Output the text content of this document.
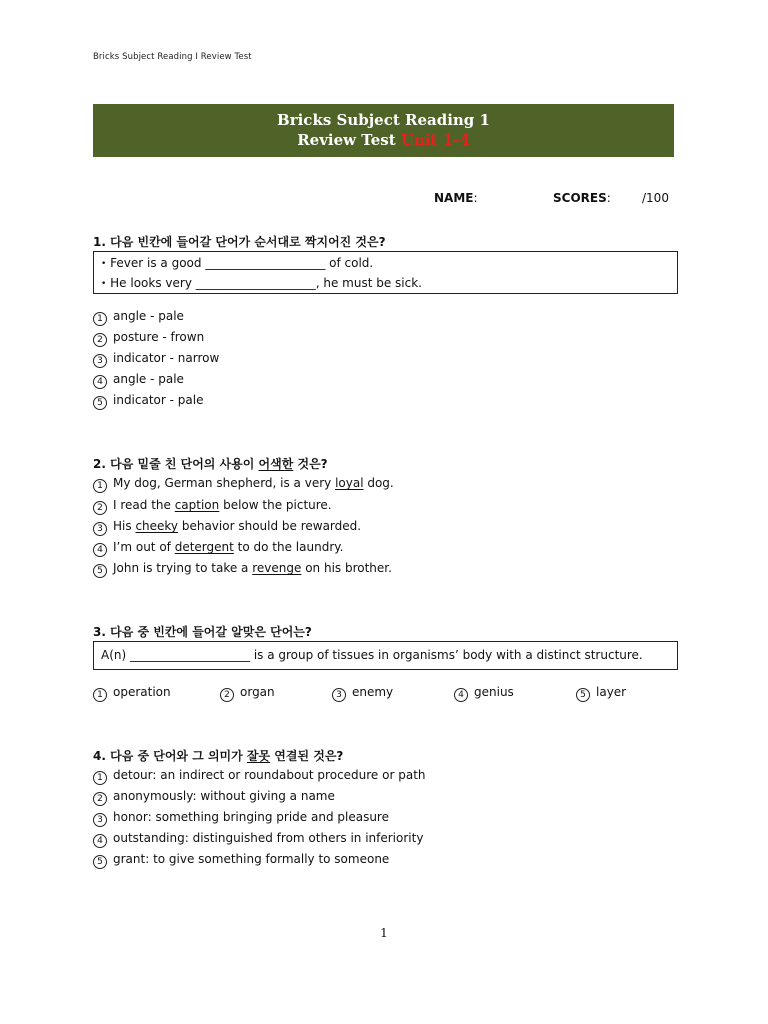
Bricks Subject Reading I Review Test
Bricks Subject Reading 1
Review Test Unit 1-4
NAME:	SCORES:	/100
1. 다음 빈칸에 들어갈 단어가 순서대로 짝지어진 것은?
• Fever is a good ____________________ of cold.
• He looks very ____________________, he must be sick.
1 angle - pale
2 posture - frown
3 indicator - narrow
4 angle - pale
5 indicator - pale
2. 다음 밑줄 친 단어의 사용이 어색한 것은?
1 My dog, German shepherd, is a very loyal dog.
2 I read the caption below the picture.
3 His cheeky behavior should be rewarded.
4 I’m out of detergent to do the laundry.
5 John is trying to take a revenge on his brother.
3. 다음 중 빈칸에 들어갈 알맞은 단어는?
A(n) ____________________ is a group of tissues in organisms’ body with a distinct structure.
1 operation	2 organ	3 enemy	4 genius	5 layer
4. 다음 중 단어와 그 의미가 잘못 연결된 것은?
1 detour: an indirect or roundabout procedure or path
2 anonymously: without giving a name
3 honor: something bringing pride and pleasure
4 outstanding: distinguished from others in inferiority
5 grant: to give something formally to someone
1
